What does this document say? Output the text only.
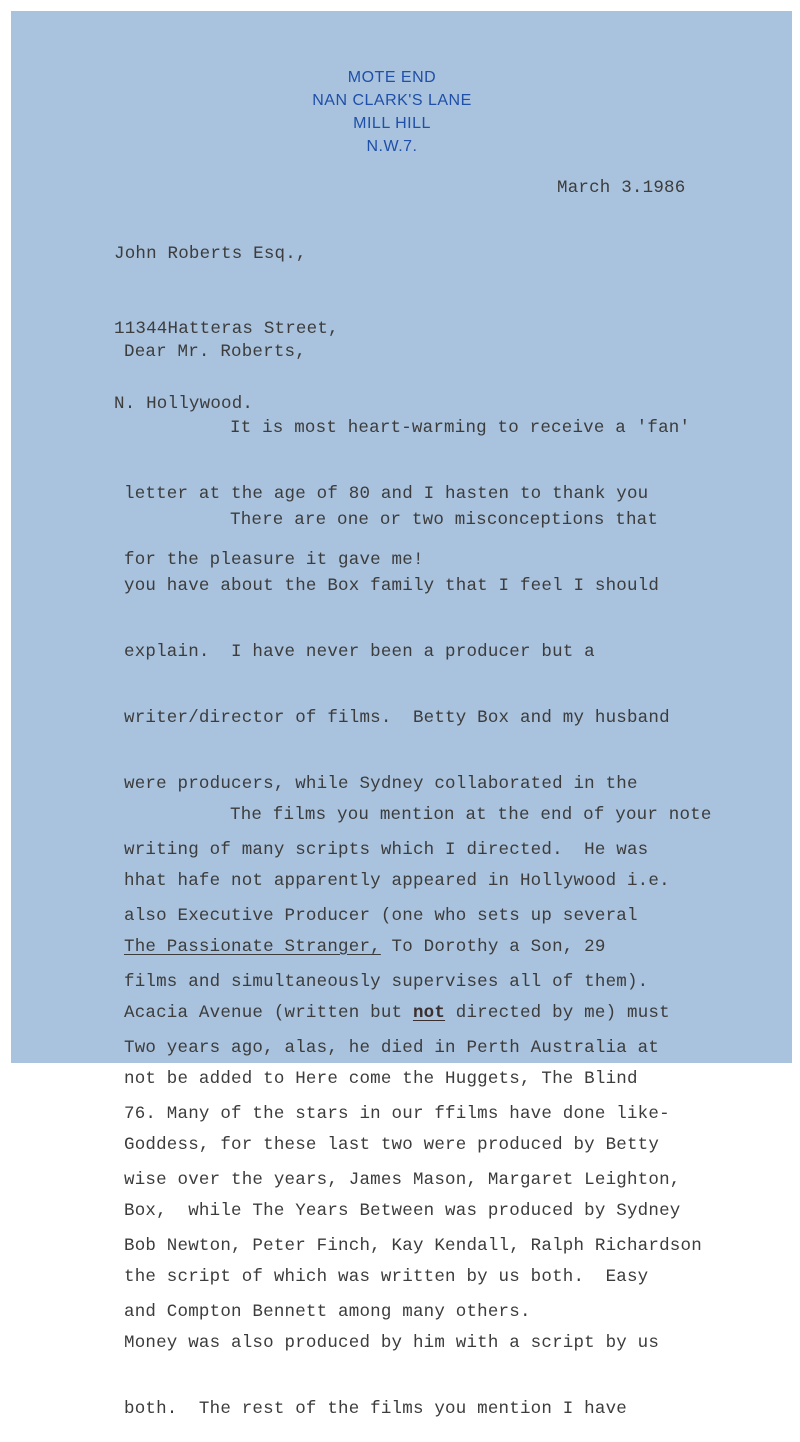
MOTE END
NAN CLARK'S LANE
MILL HILL
N.W.7.
March 3.1986

John Roberts Esq.,

11344Hatteras Street,

N. Hollywood.

Dear Mr. Roberts,

It is most heart-warming to receive a 'fan'

letter at the age of 80 and I hasten to thank you

for the pleasure it gave me!

There are one or two misconceptions that

you have about the Box family that I feel I should

explain.  I have never been a producer but a

writer/director of films.  Betty Box and my husband

were producers, while Sydney collaborated in the

writing of many scripts which I directed.  He was

also Executive Producer (one who sets up several

films and simultaneously supervises all of them).

Two years ago, alas, he died in Perth Australia at

76. Many of the stars in our ffilms have done like-

wise over the years, James Mason, Margaret Leighton,

Bob Newton, Peter Finch, Kay Kendall, Ralph Richardson

and Compton Bennett among many others.

The films you mention at the end of your note

hhat hafe not apparently appeared in Hollywood i.e.

The Passionate Stranger, To Dorothy a Son, 29

Acacia Avenue (written but not directed by me) must

not be added to Here come the Huggets, The Blind

Goddess, for these last two were produced by Betty

Box,  while The Years Between was produced by Sydney

the script of which was written by us both.  Easy

Money was also produced by him with a script by us

both.  The rest of the films you mention I have
